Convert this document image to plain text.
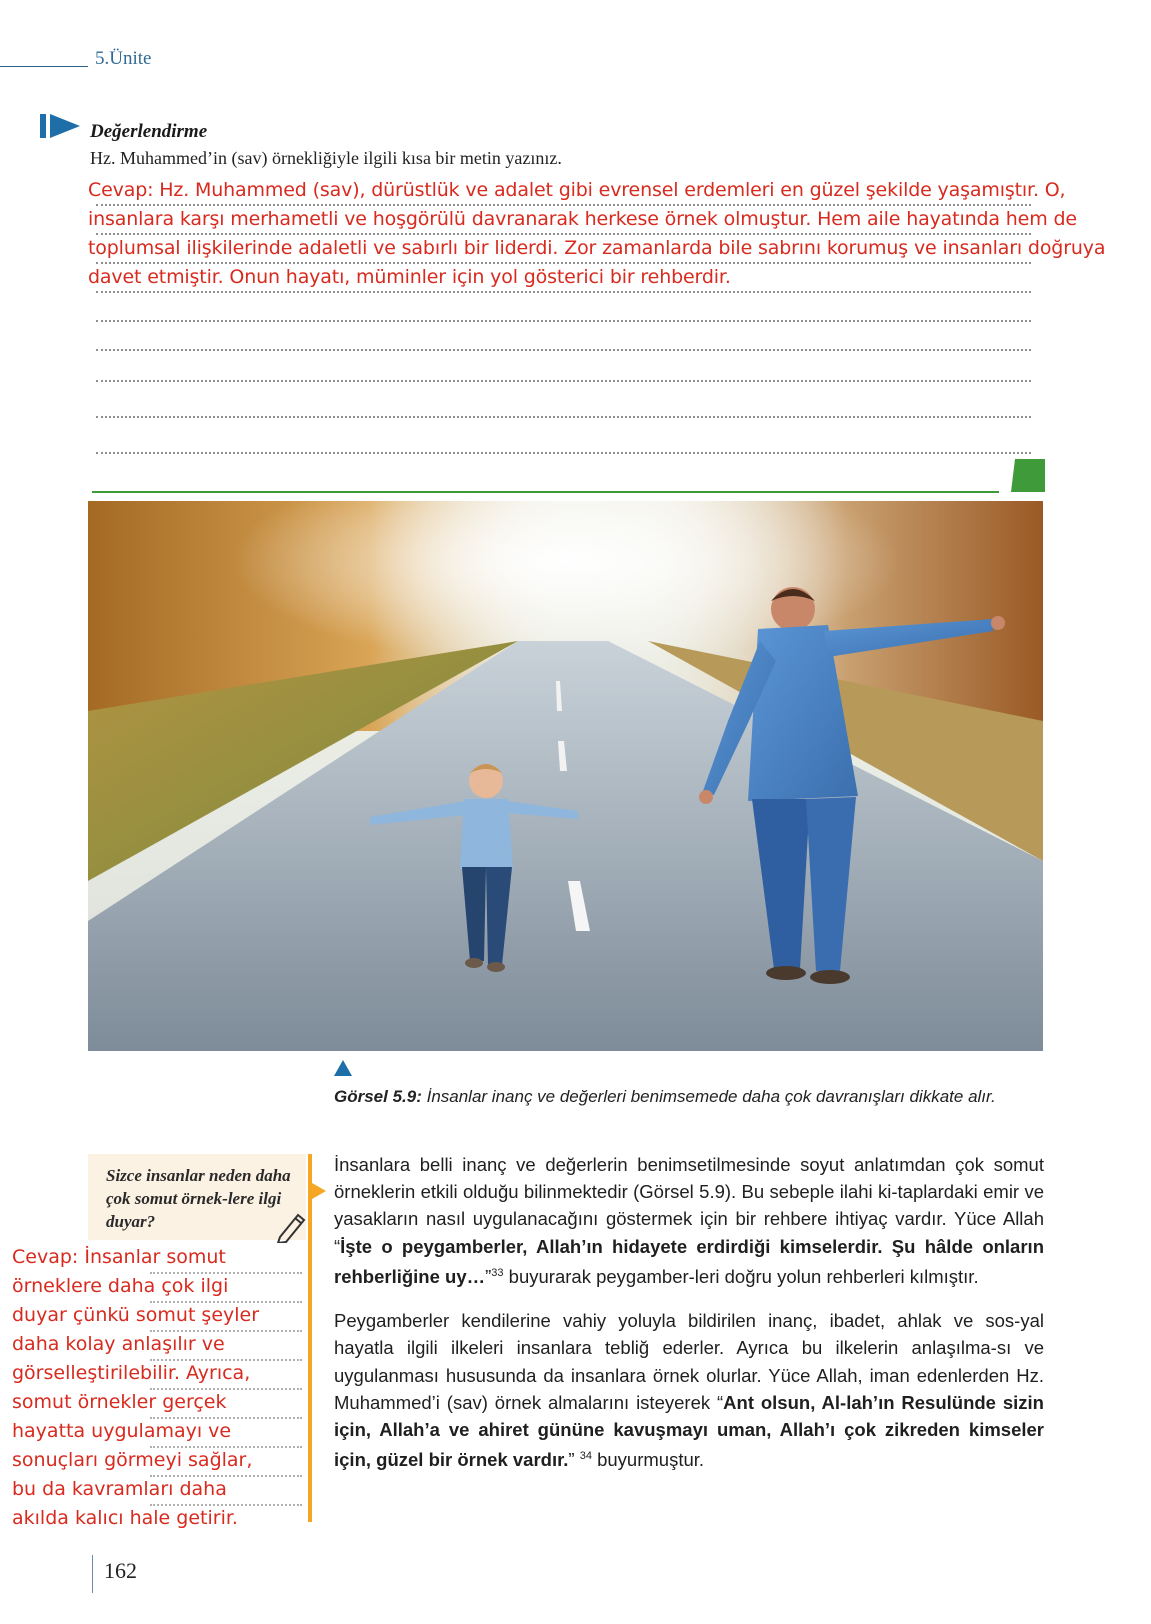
5.Ünite
Değerlendirme
Hz. Muhammed’in (sav) örnekliğiyle ilgili kısa bir metin yazınız.

Cevap: Hz. Muhammed (sav), dürüstlük ve adalet gibi evrensel erdemleri en güzel şekilde yaşamıştır. O, insanlara karşı merhametli ve hoşgörülü davranarak herkese örnek olmuştur. Hem aile hayatında hem de toplumsal ilişkilerinde adaletli ve sabırlı bir liderdi. Zor zamanlarda bile sabrını korumuş ve insanları doğruya davet etmiştir. Onun hayatı, müminler için yol gösterici bir rehberdir.

Görsel 5.9: İnsanlar inanç ve değerleri benimsemede daha çok davranışları dikkate alır.

Sizce insanlar neden daha çok somut örnek-lere ilgi duyar?

Cevap: İnsanlar somut
örneklere daha çok ilgi
duyar çünkü somut şeyler
daha kolay anlaşılır ve
görselleştirilebilir. Ayrıca,
somut örnekler gerçek
hayatta uygulamayı ve
sonuçları görmeyi sağlar,
bu da kavramları daha
akılda kalıcı hale getirir.

İnsanlara belli inanç ve değerlerin benimsetilmesinde soyut anlatımdan çok somut örneklerin etkili olduğu bilinmektedir (Görsel 5.9). Bu sebeple ilahi ki-taplardaki emir ve yasakların nasıl uygulanacağını göstermek için bir rehbere ihtiyaç vardır. Yüce Allah “İşte o peygamberler, Allah’ın hidayete erdirdiği kimselerdir. Şu hâlde onların rehberliğine uy…”$^{33}$ buyurarak peygamber-leri doğru yolun rehberleri kılmıştır.

Peygamberler kendilerine vahiy yoluyla bildirilen inanç, ibadet, ahlak ve sos-yal hayatla ilgili ilkeleri insanlara tebliğ ederler. Ayrıca bu ilkelerin anlaşılma-sı ve uygulanması hususunda da insanlara örnek olurlar. Yüce Allah, iman edenlerden Hz. Muhammed’i (sav) örnek almalarını isteyerek “Ant olsun, Al-lah’ın Resulünde sizin için, Allah’a ve ahiret gününe kavuşmayı uman, Allah’ı çok zikreden kimseler için, güzel bir örnek vardır.” $^{34}$ buyurmuştur.

162
